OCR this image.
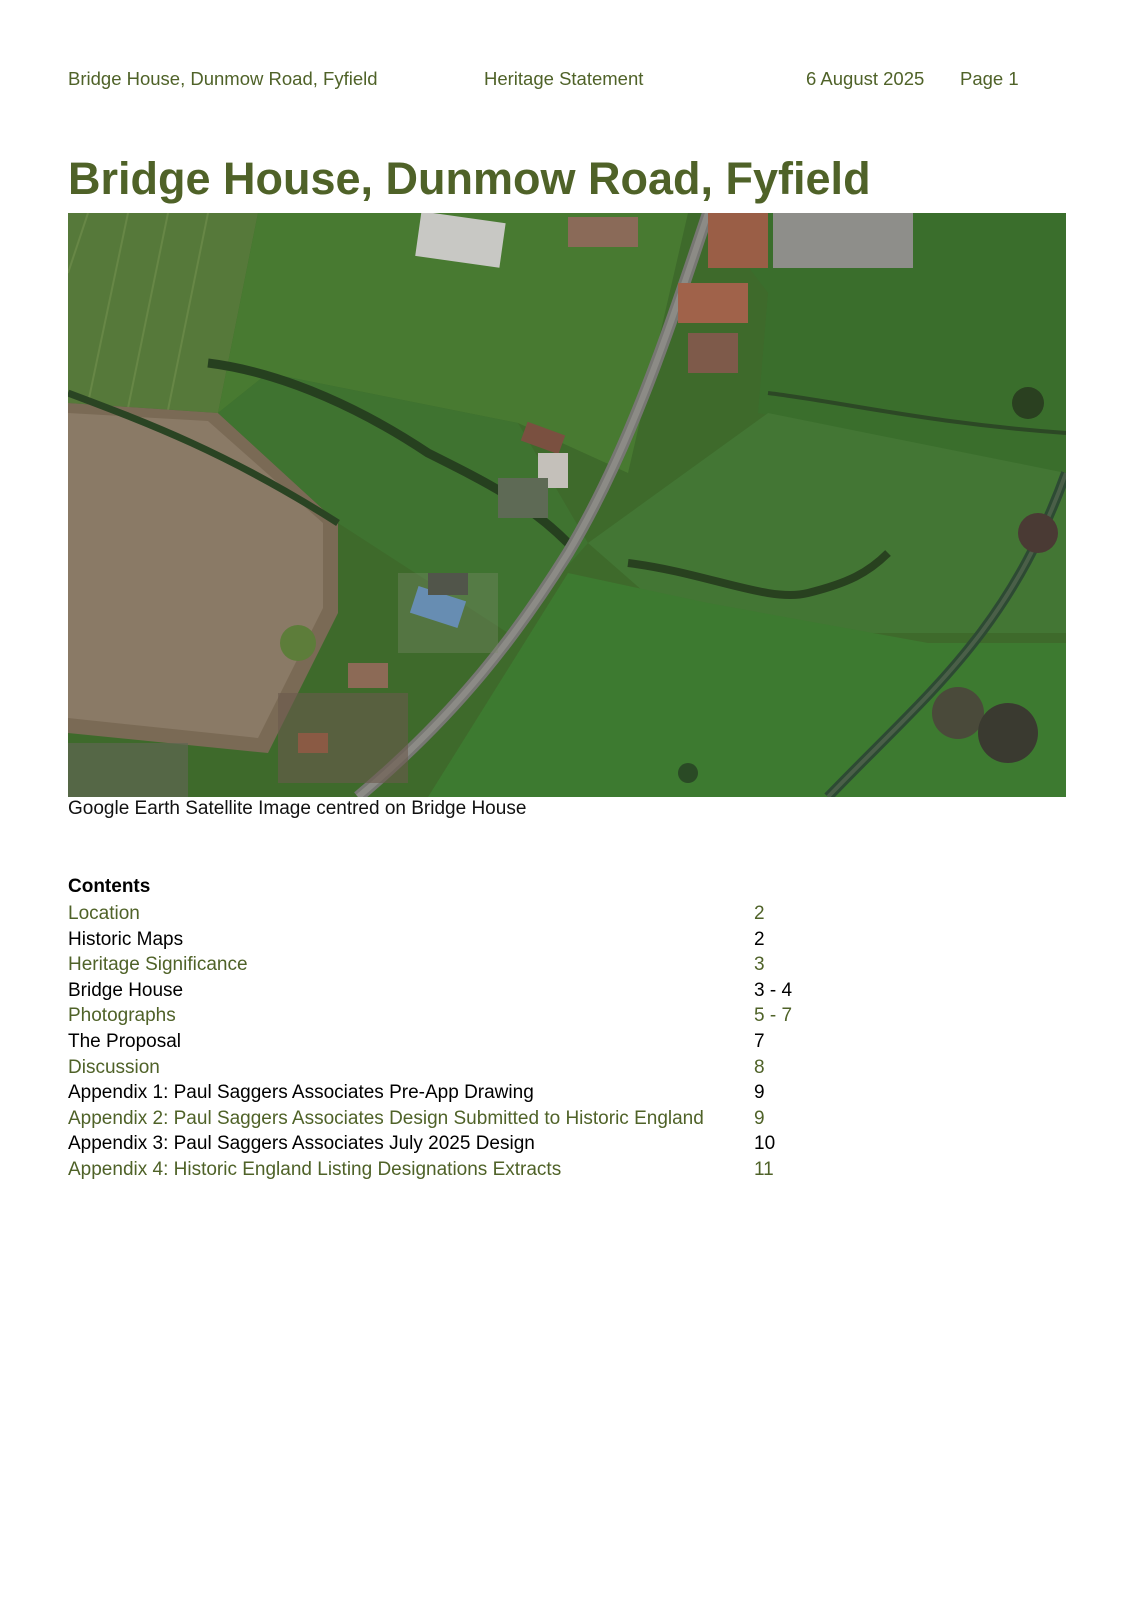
Bridge House, Dunmow Road, Fyfield	Heritage Statement	6 August 2025 Page 1
Bridge House, Dunmow Road, Fyfield
Google Earth Satellite Image centred on Bridge House
Contents
Location	2
Historic Maps	2
Heritage Significance	3
Bridge House	3 - 4
Photographs	5 - 7
The Proposal	7
Discussion	8
Appendix 1: Paul Saggers Associates Pre-App Drawing	9
Appendix 2: Paul Saggers Associates Design Submitted to Historic England	9
Appendix 3: Paul Saggers Associates July 2025 Design	10
Appendix 4: Historic England Listing Designations Extracts	11
